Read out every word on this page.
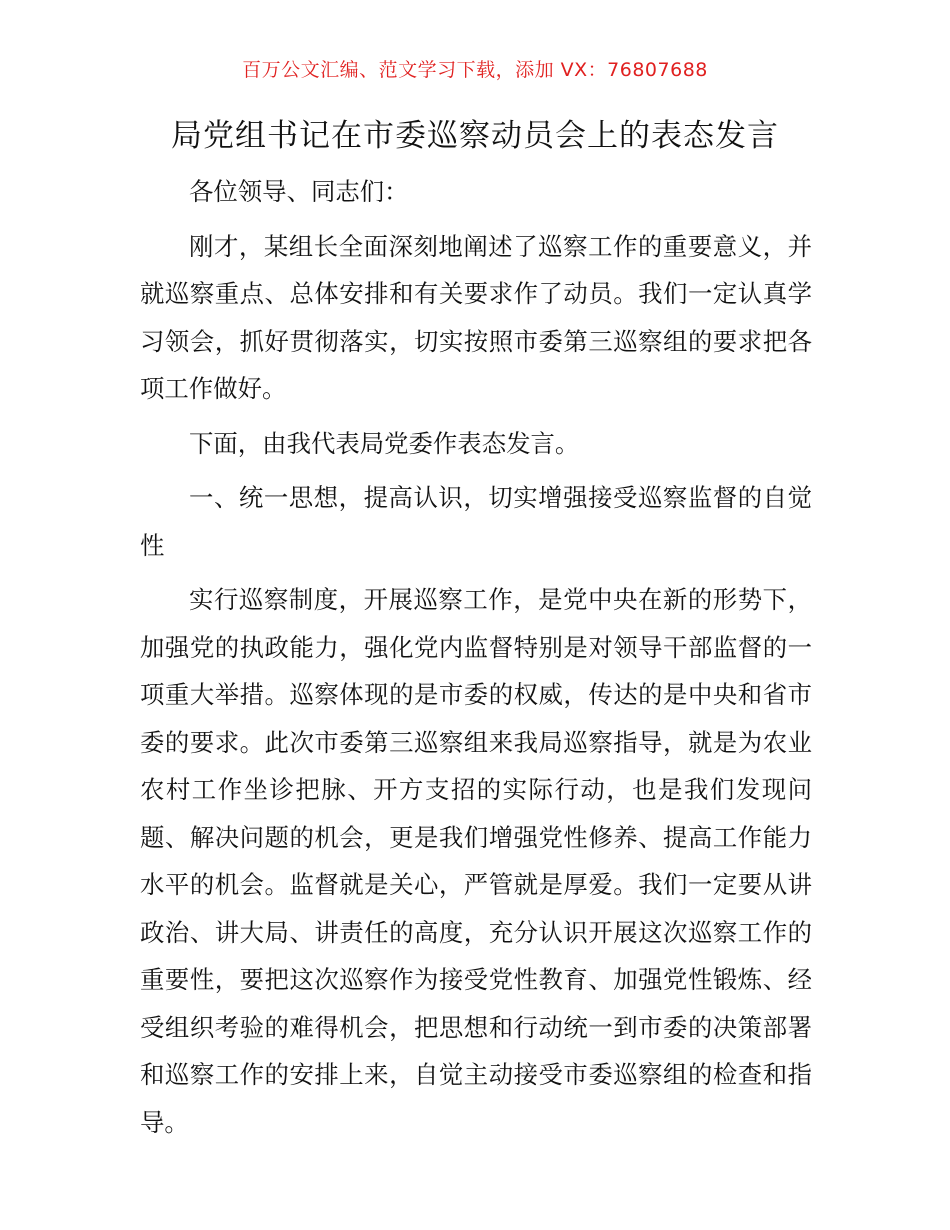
百万公文汇编、范文学习下载，添加 VX：76807688
局党组书记在市委巡察动员会上的表态发言

各位领导、同志们：

刚才，某组长全面深刻地阐述了巡察工作的重要意义，并就巡察重点、总体安排和有关要求作了动员。我们一定认真学习领会，抓好贯彻落实，切实按照市委第三巡察组的要求把各项工作做好。

下面，由我代表局党委作表态发言。

一、统一思想，提高认识，切实增强接受巡察监督的自觉性

实行巡察制度，开展巡察工作，是党中央在新的形势下，加强党的执政能力，强化党内监督特别是对领导干部监督的一项重大举措。巡察体现的是市委的权威，传达的是中央和省市委的要求。此次市委第三巡察组来我局巡察指导，就是为农业农村工作坐诊把脉、开方支招的实际行动，也是我们发现问题、解决问题的机会，更是我们增强党性修养、提高工作能力水平的机会。监督就是关心，严管就是厚爱。我们一定要从讲政治、讲大局、讲责任的高度，充分认识开展这次巡察工作的重要性，要把这次巡察作为接受党性教育、加强党性锻炼、经受组织考验的难得机会，把思想和行动统一到市委的决策部署和巡察工作的安排上来，自觉主动接受市委巡察组的检查和指导。
